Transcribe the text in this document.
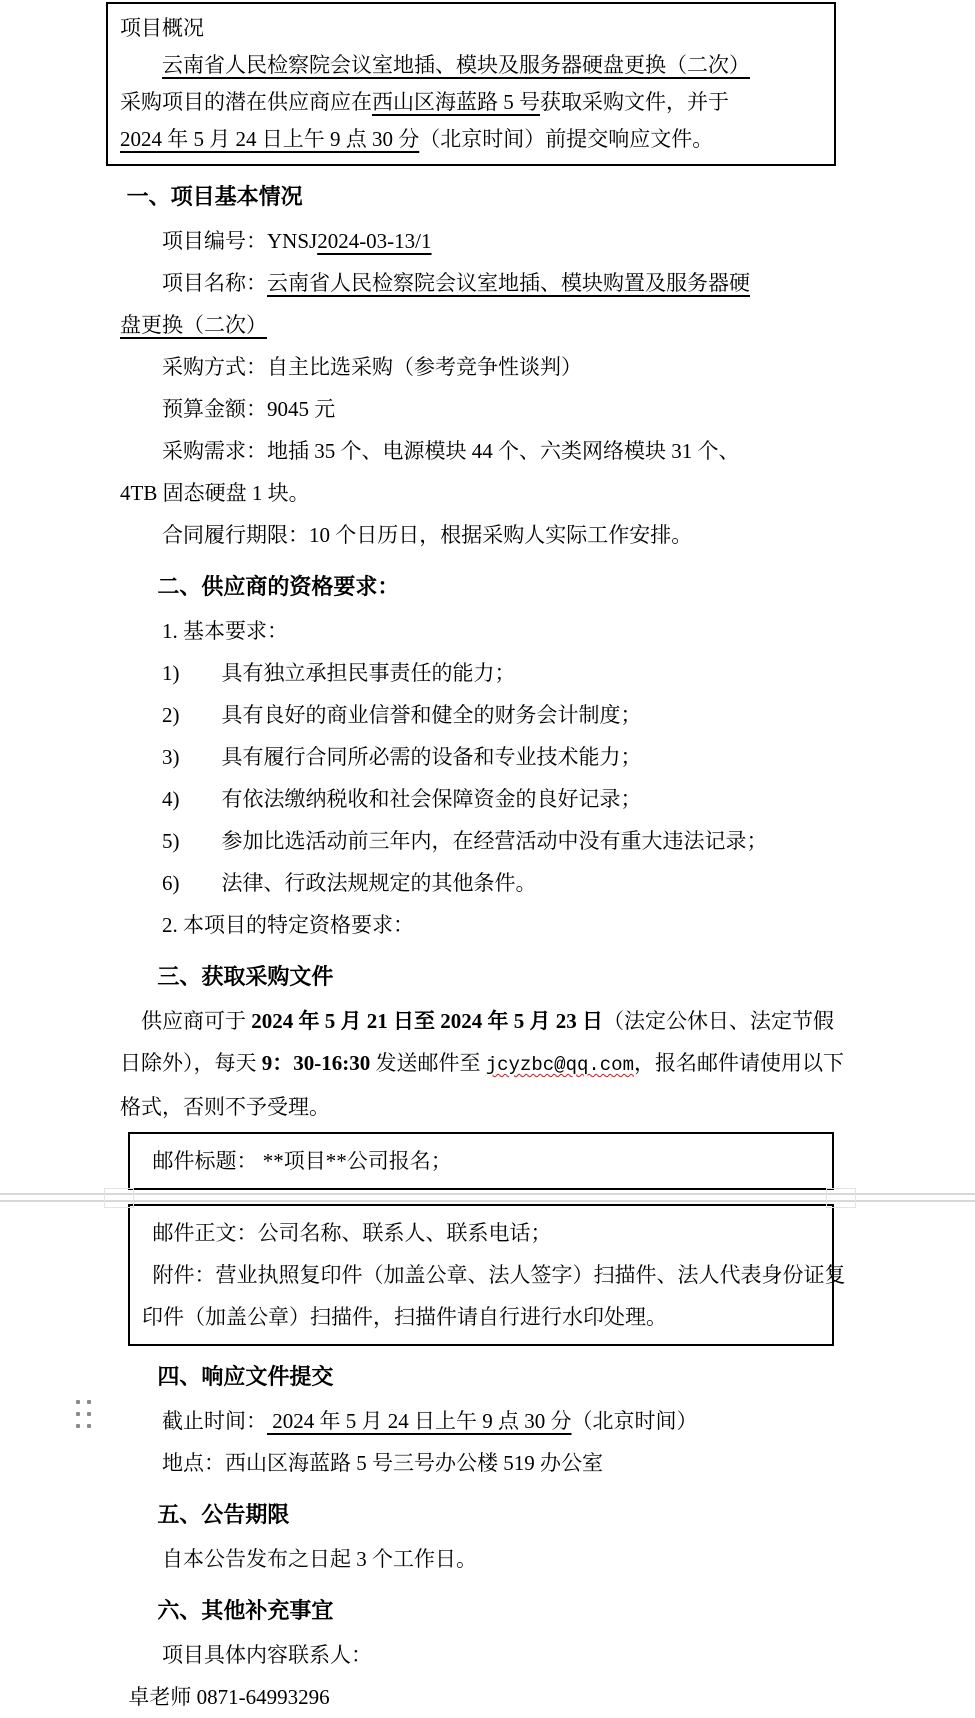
项目概况
云南省人民检察院会议室地插、模块及服务器硬盘更换（二次）
采购项目的潜在供应商应在西山区海蓝路 5 号获取采购文件，并于
2024 年 5 月 24 日上午 9 点 30 分（北京时间）前提交响应文件。
一、项目基本情况
项目编号：YNSJ2024-03-13/1
项目名称：云南省人民检察院会议室地插、模块购置及服务器硬
盘更换（二次）
采购方式：自主比选采购（参考竞争性谈判）
预算金额：9045 元
采购需求：地插 35 个、电源模块 44 个、六类网络模块 31 个、
4TB 固态硬盘 1 块。
合同履行期限：10 个日历日，根据采购人实际工作安排。
二、供应商的资格要求：
1. 基本要求：
1)　　具有独立承担民事责任的能力；
2)　　具有良好的商业信誉和健全的财务会计制度；
3)　　具有履行合同所必需的设备和专业技术能力；
4)　　有依法缴纳税收和社会保障资金的良好记录；
5)　　参加比选活动前三年内，在经营活动中没有重大违法记录；
6)　　法律、行政法规规定的其他条件。
2. 本项目的特定资格要求：
三、获取采购文件
供应商可于 2024 年 5 月 21 日至 2024 年 5 月 23 日（法定公休日、法定节假
日除外），每天 9：30-16:30 发送邮件至 jcyzbc@qq.com，报名邮件请使用以下
格式，否则不予受理。
邮件标题： **项目**公司报名；
邮件正文：公司名称、联系人、联系电话；
附件：营业执照复印件（加盖公章、法人签字）扫描件、法人代表身份证复
印件（加盖公章）扫描件，扫描件请自行进行水印处理。
四、响应文件提交
截止时间： 2024 年 5 月 24 日上午 9 点 30 分（北京时间）
地点：西山区海蓝路 5 号三号办公楼 519 办公室
五、公告期限
自本公告发布之日起 3 个工作日。
六、其他补充事宜
项目具体内容联系人：
卓老师 0871-64993296
